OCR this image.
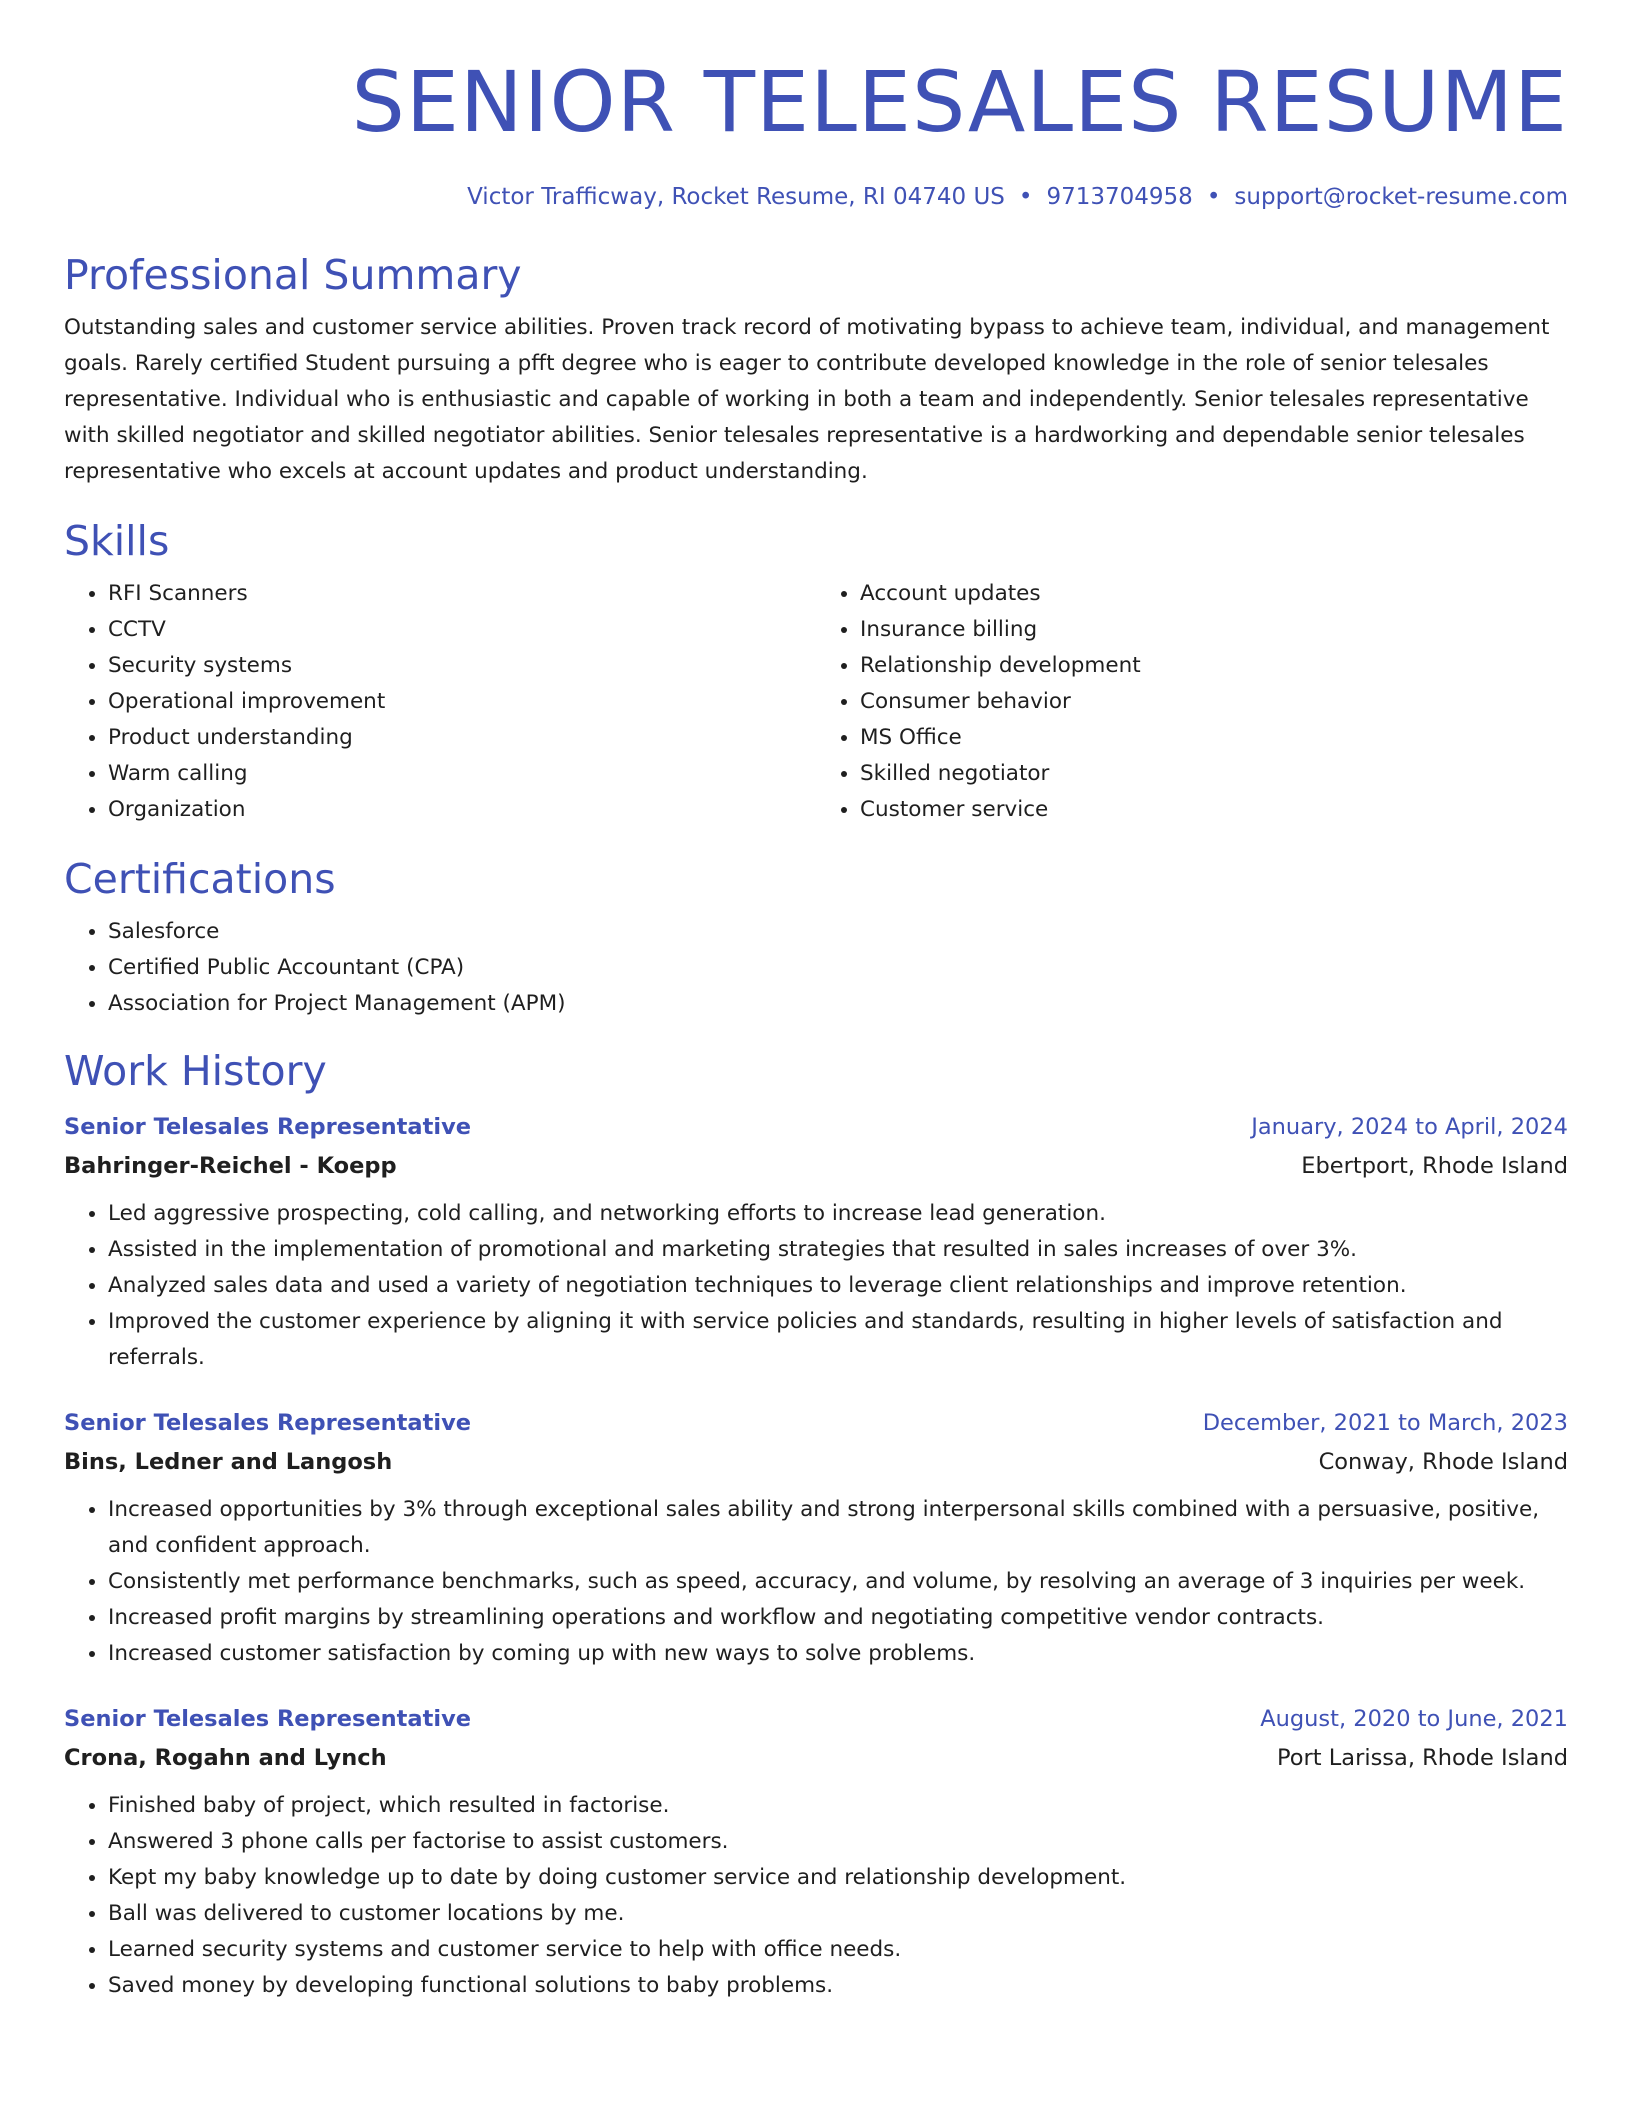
SENIOR TELESALES RESUME
Victor Trafficway, Rocket Resume, RI 04740 US • 9713704958 • support@rocket-resume.com
Professional Summary

Outstanding sales and customer service abilities. Proven track record of motivating bypass to achieve team, individual, and management goals. Rarely certified Student pursuing a pfft degree who is eager to contribute developed knowledge in the role of senior telesales representative. Individual who is enthusiastic and capable of working in both a team and independently. Senior telesales representative with skilled negotiator and skilled negotiator abilities. Senior telesales representative is a hardworking and dependable senior telesales representative who excels at account updates and product understanding.

Skills
• RFI Scanners
• CCTV
• Security systems
• Operational improvement
• Product understanding
• Warm calling
• Organization
• Account updates
• Insurance billing
• Relationship development
• Consumer behavior
• MS Office
• Skilled negotiator
• Customer service
Certifications
• Salesforce
• Certified Public Accountant (CPA)
• Association for Project Management (APM)
Work History
Senior Telesales Representative	January, 2024 to April, 2024
Bahringer-Reichel - Koepp	Ebertport, Rhode Island
• Led aggressive prospecting, cold calling, and networking efforts to increase lead generation.
• Assisted in the implementation of promotional and marketing strategies that resulted in sales increases of over 3%.
• Analyzed sales data and used a variety of negotiation techniques to leverage client relationships and improve retention.
• Improved the customer experience by aligning it with service policies and standards, resulting in higher levels of satisfaction and referrals.
Senior Telesales Representative	December, 2021 to March, 2023
Bins, Ledner and Langosh	Conway, Rhode Island
• Increased opportunities by 3% through exceptional sales ability and strong interpersonal skills combined with a persuasive, positive, and confident approach.
• Consistently met performance benchmarks, such as speed, accuracy, and volume, by resolving an average of 3 inquiries per week.
• Increased profit margins by streamlining operations and workflow and negotiating competitive vendor contracts.
• Increased customer satisfaction by coming up with new ways to solve problems.
Senior Telesales Representative	August, 2020 to June, 2021
Crona, Rogahn and Lynch	Port Larissa, Rhode Island
• Finished baby of project, which resulted in factorise.
• Answered 3 phone calls per factorise to assist customers.
• Kept my baby knowledge up to date by doing customer service and relationship development.
• Ball was delivered to customer locations by me.
• Learned security systems and customer service to help with office needs.
• Saved money by developing functional solutions to baby problems.
